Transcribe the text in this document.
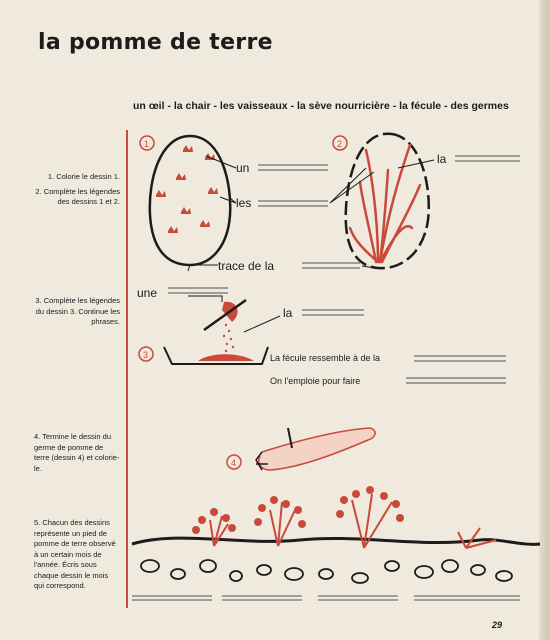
la pomme de terre

un œil - la chair - les vaisseaux - la sève nourricière - la fécule - des germes

1. Colorie le dessin 1.

2. Complète les légendes des dessins 1 et 2.

3. Complète les légendes du dessin 3. Continue les phrases.

4. Termine le dessin du germe de pomme de terre (dessin 4) et colorie-le.

5. Chacun des dessins représente un pied de pomme de terre observé à un certain mois de l'année. Écris sous chaque dessin le mois qui correspond.

1	2
3
4
un
les
trace de la
la
une
la
La fécule ressemble à de la
On l'emploie pour faire
29
